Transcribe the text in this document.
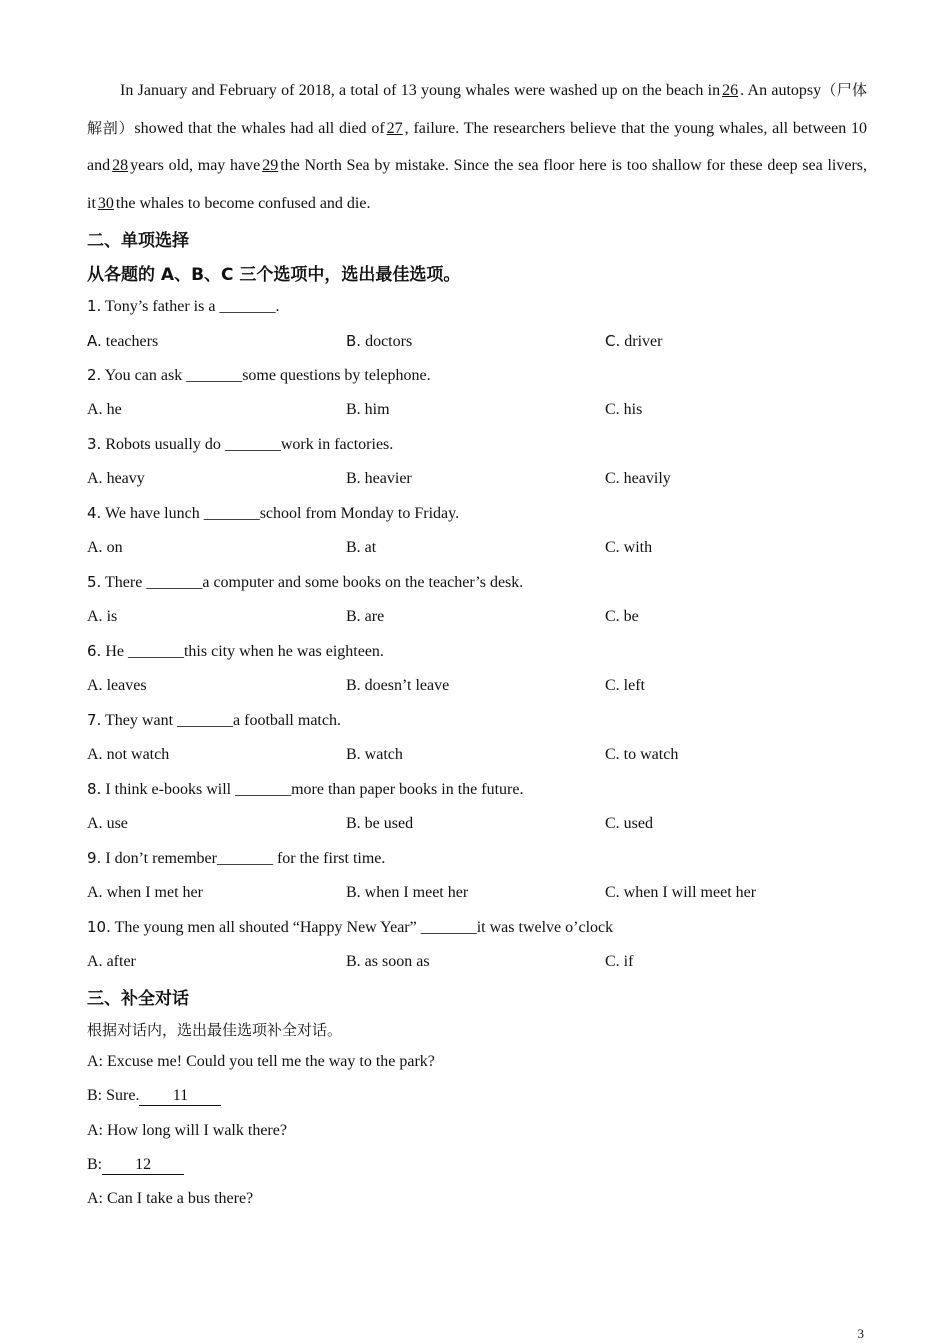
In January and February of 2018, a total of 13 young whales were washed up on the beach in 26 . An autopsy（尸体解剖）showed that the whales had all died of 27 , failure. The researchers believe that the young whales, all between 10 and 28 years old, may have 29 the North Sea by mistake. Since the sea floor here is too shallow for these deep sea livers, it 30 the whales to become confused and die.

二、单项选择
从各题的 A、B、C 三个选项中，选出最佳选项。
1. Tony’s father is a _______.
A. teachers	B. doctors	C. driver
2. You can ask _______some questions by telephone.
A. he	B. him	C. his
3. Robots usually do _______work in factories.
A. heavy	B. heavier	C. heavily
4. We have lunch _______school from Monday to Friday.
A. on	B. at	C. with
5. There _______a computer and some books on the teacher’s desk.
A. is	B. are	C. be
6. He _______this city when he was eighteen.
A. leaves	B. doesn’t leave	C. left
7. They want _______a football match.
A. not watch	B. watch	C. to watch
8. I think e-books will _______more than paper books in the future.
A. use	B. be used	C. used
9. I don’t remember_______ for the first time.
A. when I met her	B. when I meet her	C. when I will meet her
10. The young men all shouted “Happy New Year” _______it was twelve o’clock
A. after	B. as soon as	C. if
三、补全对话
根据对话内，选出最佳选项补全对话。
A: Excuse me! Could you tell me the way to the park?
B: Sure. 11
A: How long will I walk there?
B: 12
A: Can I take a bus there?
3
